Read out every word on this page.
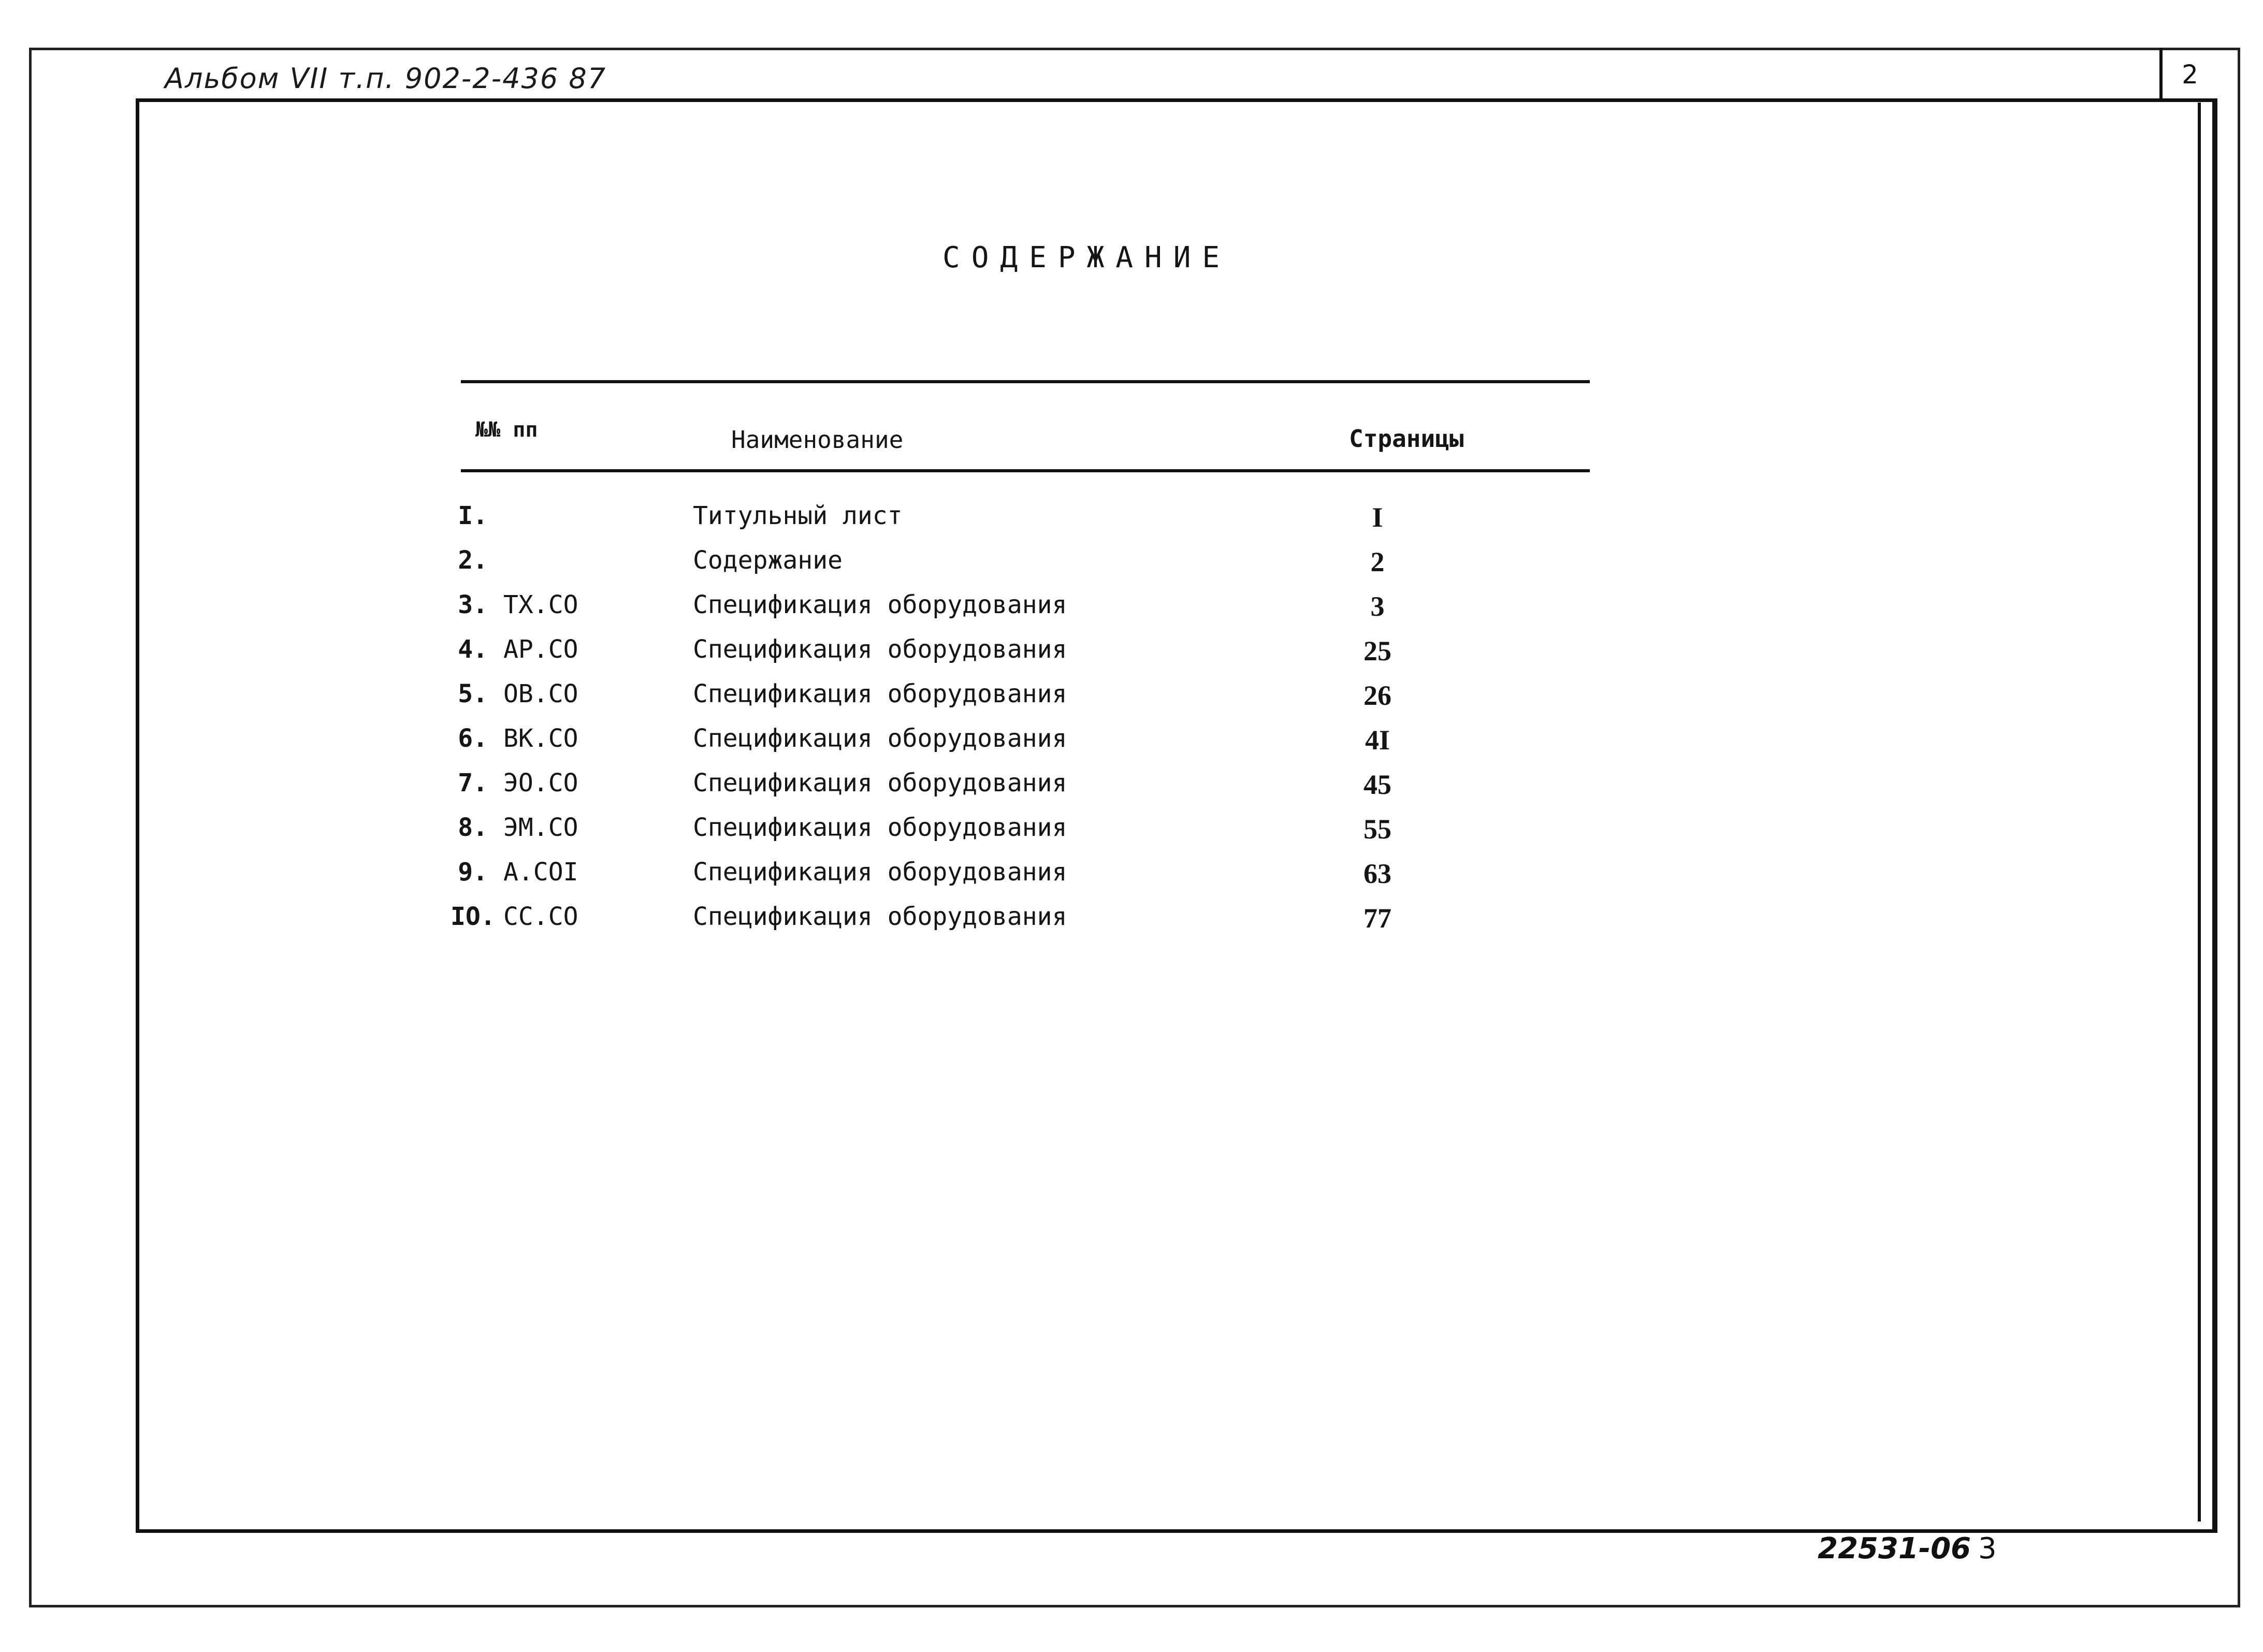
Альбом VII т.п. 902-2-436 87	2
СОДЕРЖАНИЕ
№№ пп	Наименование	Страницы
I.	Титульный лист	I
2.	Содержание	2
3. ТХ.СО	Спецификация оборудования	3
4. АР.СО	Спецификация оборудования	25
5. ОВ.СО	Спецификация оборудования	26
6. ВК.СО	Спецификация оборудования	4I
7. ЭО.СО	Спецификация оборудования	45
8. ЭМ.СО	Спецификация оборудования	55
9. А.СОI	Спецификация оборудования	63
IO. СС.СО	Спецификация оборудования	77
22531-06 3
